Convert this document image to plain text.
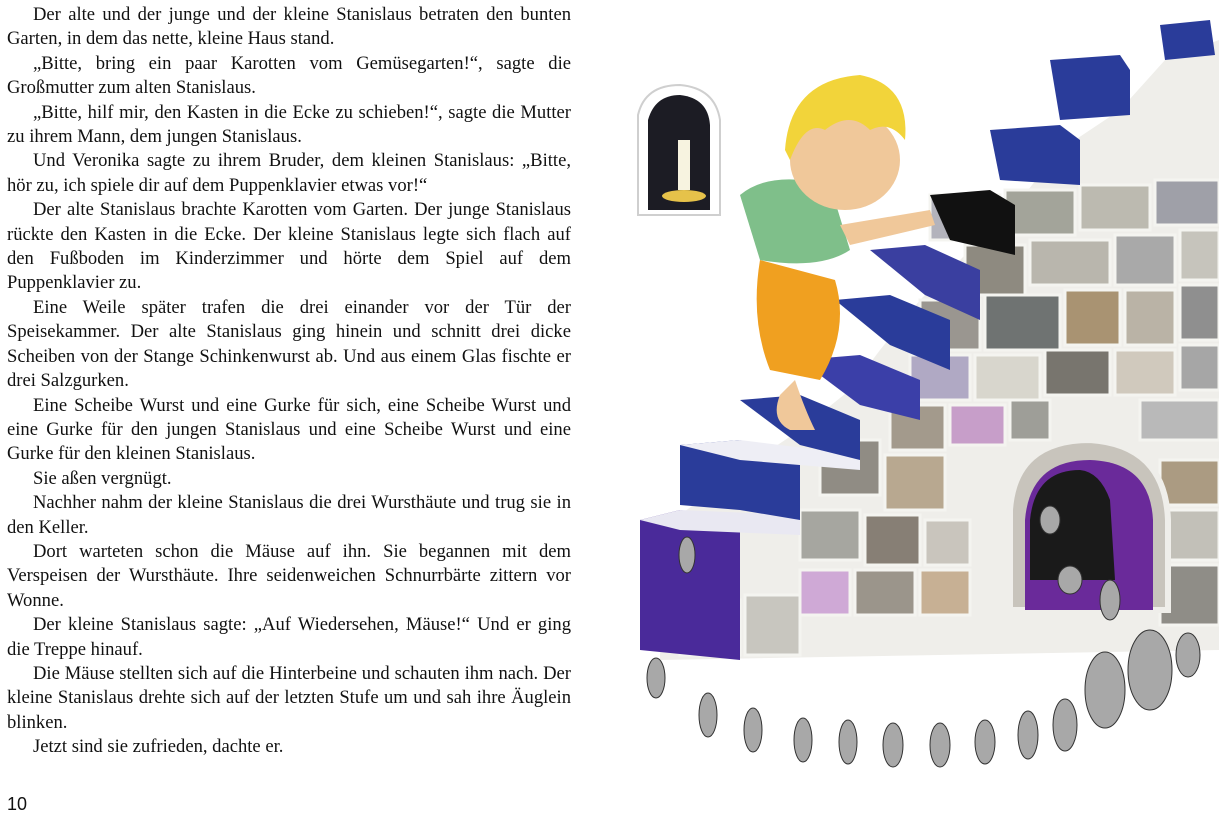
Der alte und der junge und der kleine Stanislaus betraten den bunten Garten, in dem das nette, kleine Haus stand.

„Bitte, bring ein paar Karotten vom Gemüsegarten!“, sagte die Großmutter zum alten Stanislaus.

„Bitte, hilf mir, den Kasten in die Ecke zu schieben!“, sagte die Mutter zu ihrem Mann, dem jungen Stanislaus.

Und Veronika sagte zu ihrem Bruder, dem kleinen Stanislaus: „Bitte, hör zu, ich spiele dir auf dem Puppenklavier etwas vor!“

Der alte Stanislaus brachte Karotten vom Garten. Der junge Stanislaus rückte den Kasten in die Ecke. Der kleine Stanislaus legte sich flach auf den Fußboden im Kinderzimmer und hörte dem Spiel auf dem Puppenklavier zu.

Eine Weile später trafen die drei einander vor der Tür der Speisekammer. Der alte Stanislaus ging hinein und schnitt drei dicke Scheiben von der Stange Schinkenwurst ab. Und aus einem Glas fischte er drei Salzgurken.

Eine Scheibe Wurst und eine Gurke für sich, eine Scheibe Wurst und eine Gurke für den jungen Stanislaus und eine Scheibe Wurst und eine Gurke für den kleinen Stanislaus.

Sie aßen vergnügt.

Nachher nahm der kleine Stanislaus die drei Wursthäute und trug sie in den Keller.

Dort warteten schon die Mäuse auf ihn. Sie begannen mit dem Verspeisen der Wursthäute. Ihre seidenweichen Schnurrbärte zittern vor Wonne.

Der kleine Stanislaus sagte: „Auf Wiedersehen, Mäuse!“ Und er ging die Treppe hinauf.

Die Mäuse stellten sich auf die Hinterbeine und schauten ihm nach. Der kleine Stanislaus drehte sich auf der letzten Stufe um und sah ihre Äuglein blinken.

Jetzt sind sie zufrieden, dachte er.

10
